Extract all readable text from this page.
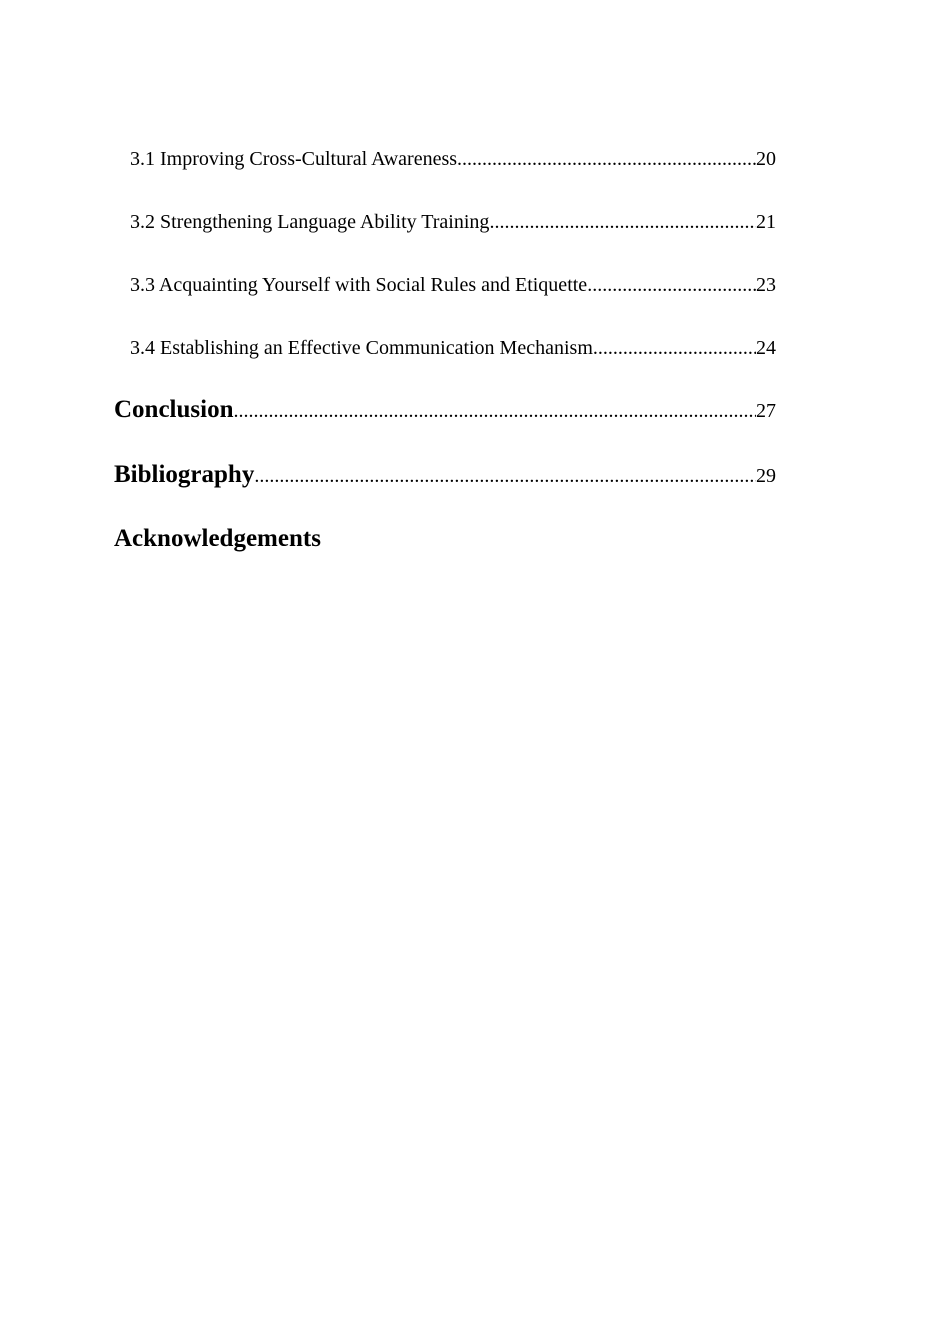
3.1 Improving Cross-Cultural Awareness .....	20
3.2 Strengthening Language Ability Training .....	21
3.3 Acquainting Yourself with Social Rules and Etiquette .....	23
3.4 Establishing an Effective Communication Mechanism .....	24
Conclusion .....	27
Bibliography .....	29
Acknowledgements
